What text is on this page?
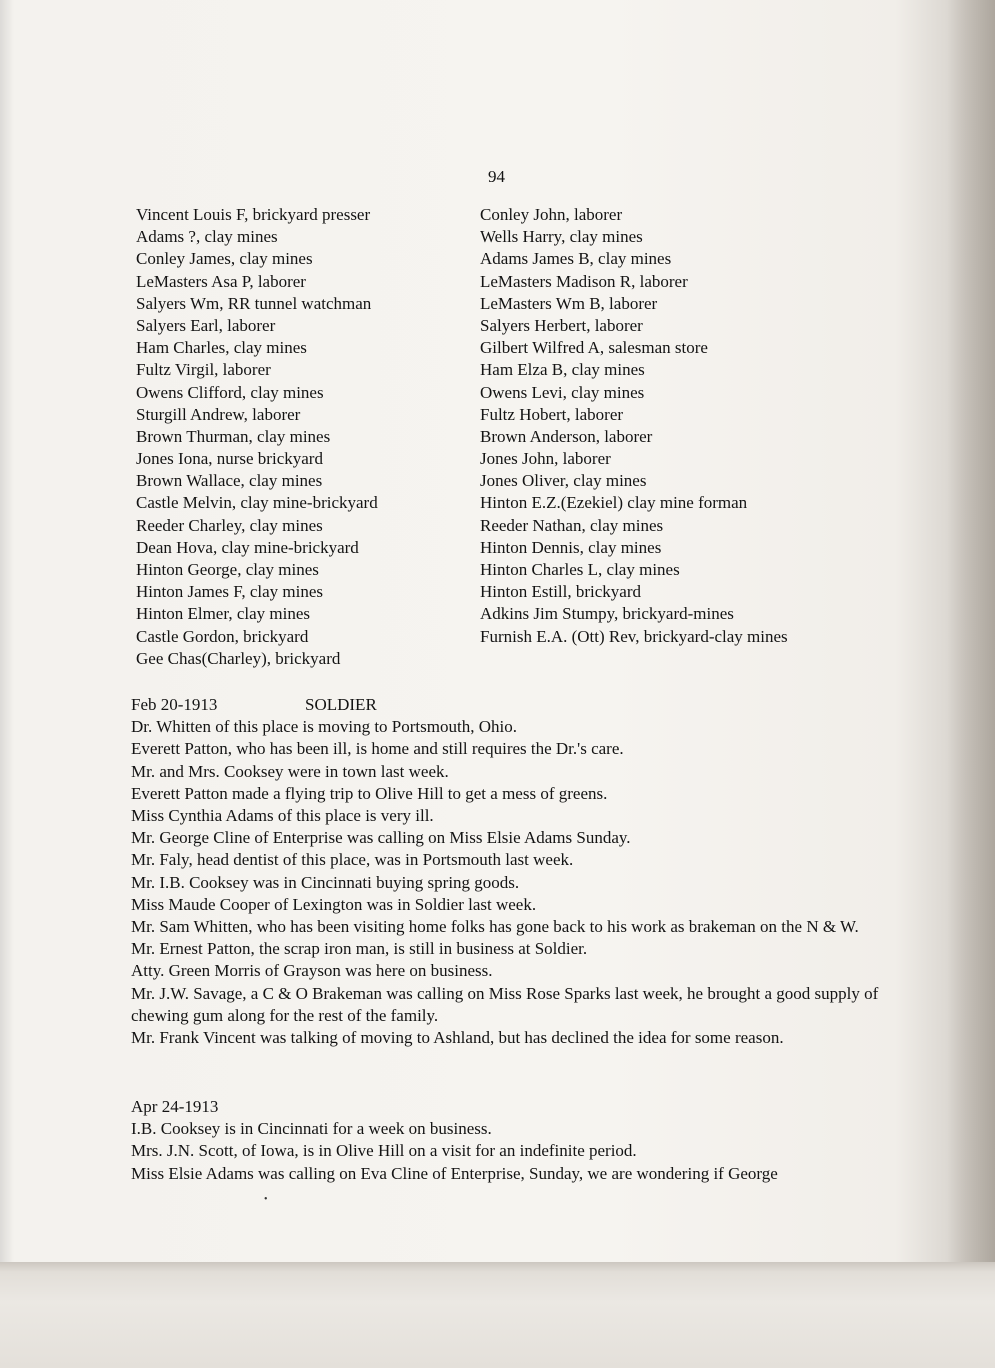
94
Vincent Louis F, brickyard presser
Adams ?, clay mines
Conley James, clay mines
LeMasters Asa P, laborer
Salyers Wm, RR tunnel watchman
Salyers Earl, laborer
Ham Charles, clay mines
Fultz Virgil, laborer
Owens Clifford, clay mines
Sturgill Andrew, laborer
Brown Thurman, clay mines
Jones Iona, nurse brickyard
Brown Wallace, clay mines
Castle Melvin, clay mine-brickyard
Reeder Charley, clay mines
Dean Hova, clay mine-brickyard
Hinton George, clay mines
Hinton James F, clay mines
Hinton Elmer, clay mines
Castle Gordon, brickyard
Gee Chas(Charley), brickyard
Conley John, laborer
Wells Harry, clay mines
Adams James B, clay mines
LeMasters Madison R, laborer
LeMasters Wm B, laborer
Salyers Herbert, laborer
Gilbert Wilfred A, salesman store
Ham Elza B, clay mines
Owens Levi, clay mines
Fultz Hobert, laborer
Brown Anderson, laborer
Jones John, laborer
Jones Oliver, clay mines
Hinton E.Z.(Ezekiel) clay mine forman
Reeder Nathan, clay mines
Hinton Dennis, clay mines
Hinton Charles L, clay mines
Hinton Estill, brickyard
Adkins Jim Stumpy, brickyard-mines
Furnish E.A. (Ott) Rev, brickyard-clay mines
Feb 20-1913	SOLDIER
Dr. Whitten of this place is moving to Portsmouth, Ohio.
Everett Patton, who has been ill, is home and still requires the Dr.'s care.
Mr. and Mrs. Cooksey were in town last week.
Everett Patton made a flying trip to Olive Hill to get a mess of greens.
Miss Cynthia Adams of this place is very ill.
Mr. George Cline of Enterprise was calling on Miss Elsie Adams Sunday.
Mr. Faly, head dentist of this place, was in Portsmouth last week.
Mr. I.B. Cooksey was in Cincinnati buying spring goods.
Miss Maude Cooper of Lexington was in Soldier last week.
Mr. Sam Whitten, who has been visiting home folks has gone back to his work as brakeman on the N & W.
Mr. Ernest Patton, the scrap iron man, is still in business at Soldier.
Atty. Green Morris of Grayson was here on business.
Mr. J.W. Savage, a C & O Brakeman was calling on Miss Rose Sparks last week, he brought a good supply of chewing gum along for the rest of the family.
Mr. Frank Vincent was talking of moving to Ashland, but has declined the idea for some reason.
Apr 24-1913
I.B. Cooksey is in Cincinnati for a week on business.
Mrs. J.N. Scott, of Iowa, is in Olive Hill on a visit for an indefinite period.
Miss Elsie Adams was calling on Eva Cline of Enterprise, Sunday, we are wondering if George
•
